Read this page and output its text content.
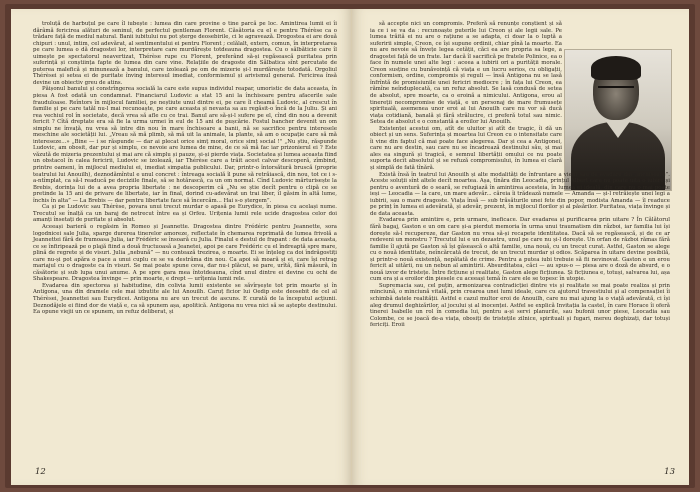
troluță de harbuțul pe care îl iubește : lumea din care provine o tine parcă pe loc. Amintirea lumii ei îi dărâmă fericirea alături de seninul, de perfectul gentleman Florent. Căsătoria cu el e pentru Thérèse ca o trădare față de mediul natural. Banii iubitului nu pot șterge deosebirile, ci le agravează. Drogostea ei are două chipuri : unul, intim, cel adevărat, al sentimentului ei pentru Florent ; celălalt, extern, comun, în interpretarea pe care lumea o dă dragostei lor, interpretare care murdărește totdeauna dragostea. Cu o sălbăticie care îl uimește pe spectatorul neavertizat, Thérèse rupe cu Florent, preferând să-și regăsească puritatea prin suferință și conștiința fapte de lumea din care vine. Relațiile de dragoste din Sălbatica sînt percutate de puterea malefică și minunează a banului, care izolează pe om de mizerie și-l murdărește totodată. Orgoliul Thérèsei și setea ei de puritate înving interesul imediat, conformismul și arivismul general. Fericirea însă devine un obiectiv greu de atins.

Păișonul banului și constrîngerea socială la care este supus individul reapar, umoristic de data aceasta, în piesa A fost odată un condamnat. Financiarul Ludovic a stat 15 ani la închisoare pentru afacerile sale frauduloase. Reîntors în mijlocul familiei, pe neștiute unul dintre ei, pe care îl cheamă Ludovic, al crescut în familie și pe care tatăl nu-l mai recunoaște, pe care aceasta și nevasta sa au regăsit-o încă de la Juliu. Și ani rea vechiul rol în societate, decă vrea să afle cu ce trai. Banul are să-și-l sufere pe el, cînd din nou a devenit fericit ? Cîtă dreptate era să fie la urma urmei în eul de 15 ani de pușcărie. Fostul bancher devenit un om simplu ne învață, nu vrea să intre din nou în mare închisoare a banii, nă se sacrifice pentru interesele meschine ale societății lui. „Vreau să mă plimb, să mă uit la animale, la plante, să am o ocupație care să mă intereseze...» „Bine — i se răspunde — dar ai plecat orice simț moral, orice simț social !" „Nu știu, răspunde Ludovic, am obosit, dar pur și simplu, ce nevoie are lumea de mine, de ce să mă fac iar prizonierul ei ? Este văzută de mizeria prezentului și mai are că simplu și pauze, și-și pierde viața. Societatea și lumea aceasta fiind un obstacol în calea fericirii, Ludovic se izolează, iar Thérèse care a trăit acest calvar descoperă, zîmbind, printre oameni, în mijlocul mediului ei, imediat simpatia publicului. Dar, printr-o întorsătură bruscă (proprie teatrului lui Anouilh), deznodămîntul e unul concret : întreaga socială îl pune să retrăiască, din nou, tot ce i s-a-ntîmplat, ca să-l readucă pe deciziile finale, să se hotărască, ca un om normal. Cînd Ludovic mărturisește la Brebis, dorința lui de a avea propria libertate : ne descoperim că „Nu se știe decît pentru o clipă ce se pretinde la 15 ani de privare de libertate, iar în final, dorind cu-adevărat un trai liber, îl găsim în altă lume, închis în alta” — La Brebis — dar pentru libertate face să încercăm... Hai s-o ștergem”.

Ca și pe Ludovic sau Thérèse, povara unui trecut murdar o apasă pe Eurydice, în piesa cu același nume. Trecutul se înalță ca un baraj de netrecut între ea și Orfeu. Urițenia lumii rele ucide dragostea celor doi amanți însetați de puritate și absolut.

Aceeași barieră o regăsim în Romeo și Jeannette. Dragostea dintre Frédéric pentru Jeannette, sora logodnicei sale Julia, sparge durerea tinerelor amoreze, reflectate în chemarea reprimată de lumea frivolă a Jeannettei fără de frumoasa Julia, iar Frédéric se însoară cu Julia. Finalul e destul de frapant : de data aceasta, ce se înfiripează pe o plajă fiind a două fructuoasă a Jeanetei, apoi pe care Frédéric cu el îndreaptă spre mare, plină de regrete și de visuri. Julia „nebună” — nu contează trezirea, o moarte. Ei se înțeleg ca doi îndrăgostiți care nu-și pot apăra o pace a unui cuplu ce se va destrăma din nou. Ca apoi să moară și ei, care își retrag mariajul cu o dragoste ca în visuri. Se mai poate spune ceva, dar nu-i plăcut, se pare, urîtă, fără măsură, în căsătorie și sub lupa unui anume. A pe spre gara mea întotdeauna, cînd unul dintre ei devine cu ochi de Shakespeare. Dragostea învinge — prin moarte, e drept — urîțenia lumii rele.

Evadarea din spectorea și habitudine, din colivia lumii existente se săvîrșește tot prin moarte și în Antigona, una din dramele cele mai izbutite ale lui Anouilh. Caruț ficior lui Oedip este deosebit de cel al Thérèsei, Jeannettei sau Eurydicei. Antigona nu are un trecut de ascuns. E curată de la începutul acțiunii. Deznodăjele ei fiind dor de viață e, ca să spunem așa, apolitică. Antigona nu vrea nici să se aștepte destinului. Ea opune viejii un ce spunem, un refuz deliberat, și

12

să accepte nici un compromis. Preferă să renunțe conștient și să ia ce i se va da : recunoaște puterile lui Creon și ale legii sale. Pe lumea trăită ei nu are o rațiune a se adapta, ci doar la o luptă a suferirii simple, Creon, ce își supune ordinii, chiar pînă la moarte. Ea nu are nevoie să învețe legea cetății, căci ea are propria sa lege, a dragostei față de un frate. Iar dacă îl sacrifică pe fratele Polinice, ea o face în numele unei alte legi : aceea a iubirii ori a purității morale. Creon susține cu bunăvoință că viața e un lucru serios, cu obligații, conformism, ordine, compromis și reguli — însă Antigona nu se lasă înfrîntă de promisiunile unei fericiri mediocre ; în fața lui Creon, ea rămîne neînduplecată, ca un refuz absolut. Se lasă condusă de setea de absolut, spre moarte, ca o eroină a nimicului. Antigona, erou al tinereții necompromise de viață, e un personaj de mare frumusețe spirituală, asemenea unor eroi ai lui Anouilh care nu vor să ducă viața cotidiană, banală și fără strălucire, ci preferă totul sau nimic. Setea de absolut e o constantă a eroilor lui Anouilh.

Existenței acestui om, atît de uluitor și atît de tragic, îi dă un obiect și un sens. Suferința și moartea lui Creon cu o intensitate care îi vine din faptul că mai poate face alegerea. Dar și cea a Antigonei, care nu are destin, sau care nu se încadrează destinului său, și mai ales ea singură și tragică, e semnul libertății omului ce nu poate suporta decît absolutul și se refuză compromisului, în lumea ei clară și simplă de fată tînără.

Există însă în teatrul lui Anouilh și alte modalități de înfruntare a vieții sau de evadare din „închisoare”. Aceste soluții sînt altele decît moartea. Așa, tînăra din Leocadia, prințul Albert care nu poate uita o iubire și pentru o aventură de o seară, se refugiază în amintirea acesteia, în lumea ei ideală, din care nu o mai poate ieși — Leocadia — la care, un mare adevăr... căreia îi trădează numele — Amanda — și-l retrăiește unei legi a iubirii, sau o mare dragoste. Viața însă — sub trăsăturile unei fete din popor, modista Amanda — îl readuce pe prinț în lumea ei adevărată, și adevăr, prezent, în mijlocul florilor și al păsărilor. Puritatea, viața învinge și de data aceasta.

Evadarea prin amintire e, prin urmare, ineficace. Dar evadarea și purificarea prin uitare ? În Călătorul fără bagaj, Gaston e un om care și-a pierdut memoria în urma unui traumatism din război, iar familia lui își dorește să-l recupereze, dar Gaston nu vrea să-și recapete identitatea. Dacă să se regăsească, și de ce ar redeveni un monstru ? Trecutul lui e un dezastru, unul pe care nu și-l dorește. Un orfan de război rămas fără familie îl ajută pe Gaston să își găsească o altă familie, una nouă, cu un trecut curat. Astfel, Gaston se alege cu o nouă identitate, neîncărcată de trecut, de un trecut murdar și odios. Scăparea în uitare devine posibilă, și printr-o nouă existență, nepătată de crime. Pentru a putea iubi trebuie să fii nevinovat. Gaston e un erou fericit al uitării, nu un nebun al amintirii. Absurditatea, căci — au spus-o — piesa are o doză de absurd, e o nouă izvor de tristețe. Între ficțiune și realitate, Gaston alege ficțiunea. Și ficțiunea e, totuși, salvarea lui, așa cum era și a eroilor din piesele cu aceeași temă în care ele se topesc în utopie.

Supremacia sau, cel puțin, armonizarea contradicției dintre vis și realitate se mai poate realiza și prin minciună, o minciună vitală, prin crearea unei lumi ideale, care cu ajutorul travestiului și al compensației îi schimbă datele realității. Astfel e cazul multor eroi de Anouilh, care nu mai ajung la o viață adevărată, ci își aleg drumul deghizărilor, al jocului și al inocenței. Astfel se explică Invitația la castel, în care Horace îi oferă tinerei Isabelle un rol în comedia lui, pentru a-și servi planurile, sau bufonii unor piese, Leocadia sau Colombe, ce se joacă de-a viața, obosiți de tristețile zilnice, spirituali și fugari, mereu deghizați, dar totuși fericiți. Eroii

13
